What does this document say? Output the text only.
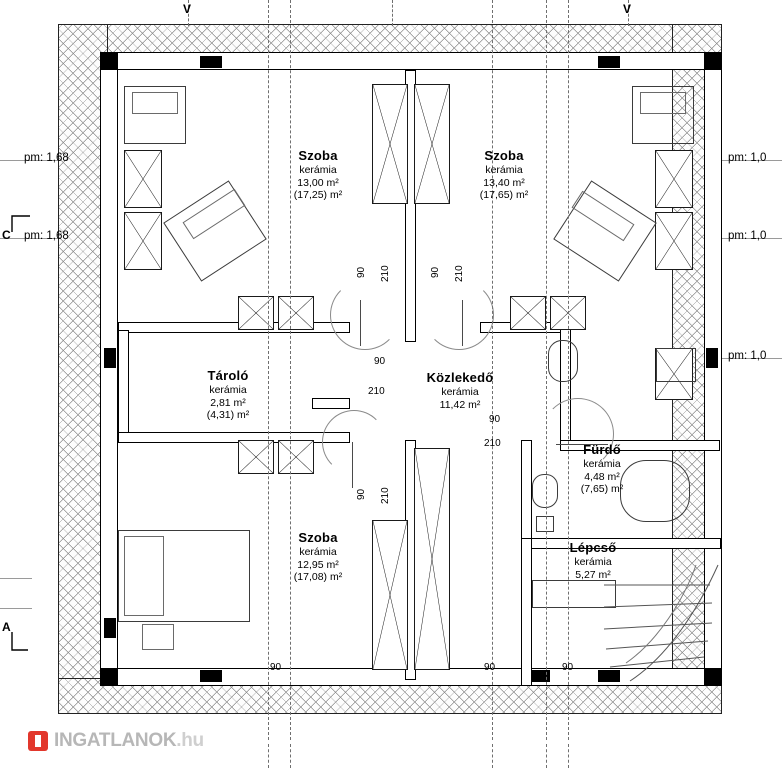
V	V
C
A
pm: 1,68
pm: 1,68
pm: 1,0
pm: 1,0
pm: 1,0
Szoba
kerámia
13,00 m²
(17,25) m²
Szoba
kerámia
13,40 m²
(17,65) m²
Tároló
kerámia
2,81 m²
(4,31) m²
Közlekedő
kerámia
11,42 m²
Fürdő
kerámia
4,48 m²
(7,65) m²
Lépcső
kerámia
5,27 m²
Szoba
kerámia
12,95 m²
(17,08) m²
90 210	90 210
90
210
90
210
90 210
90	90	90
INGATLANOK.hu
